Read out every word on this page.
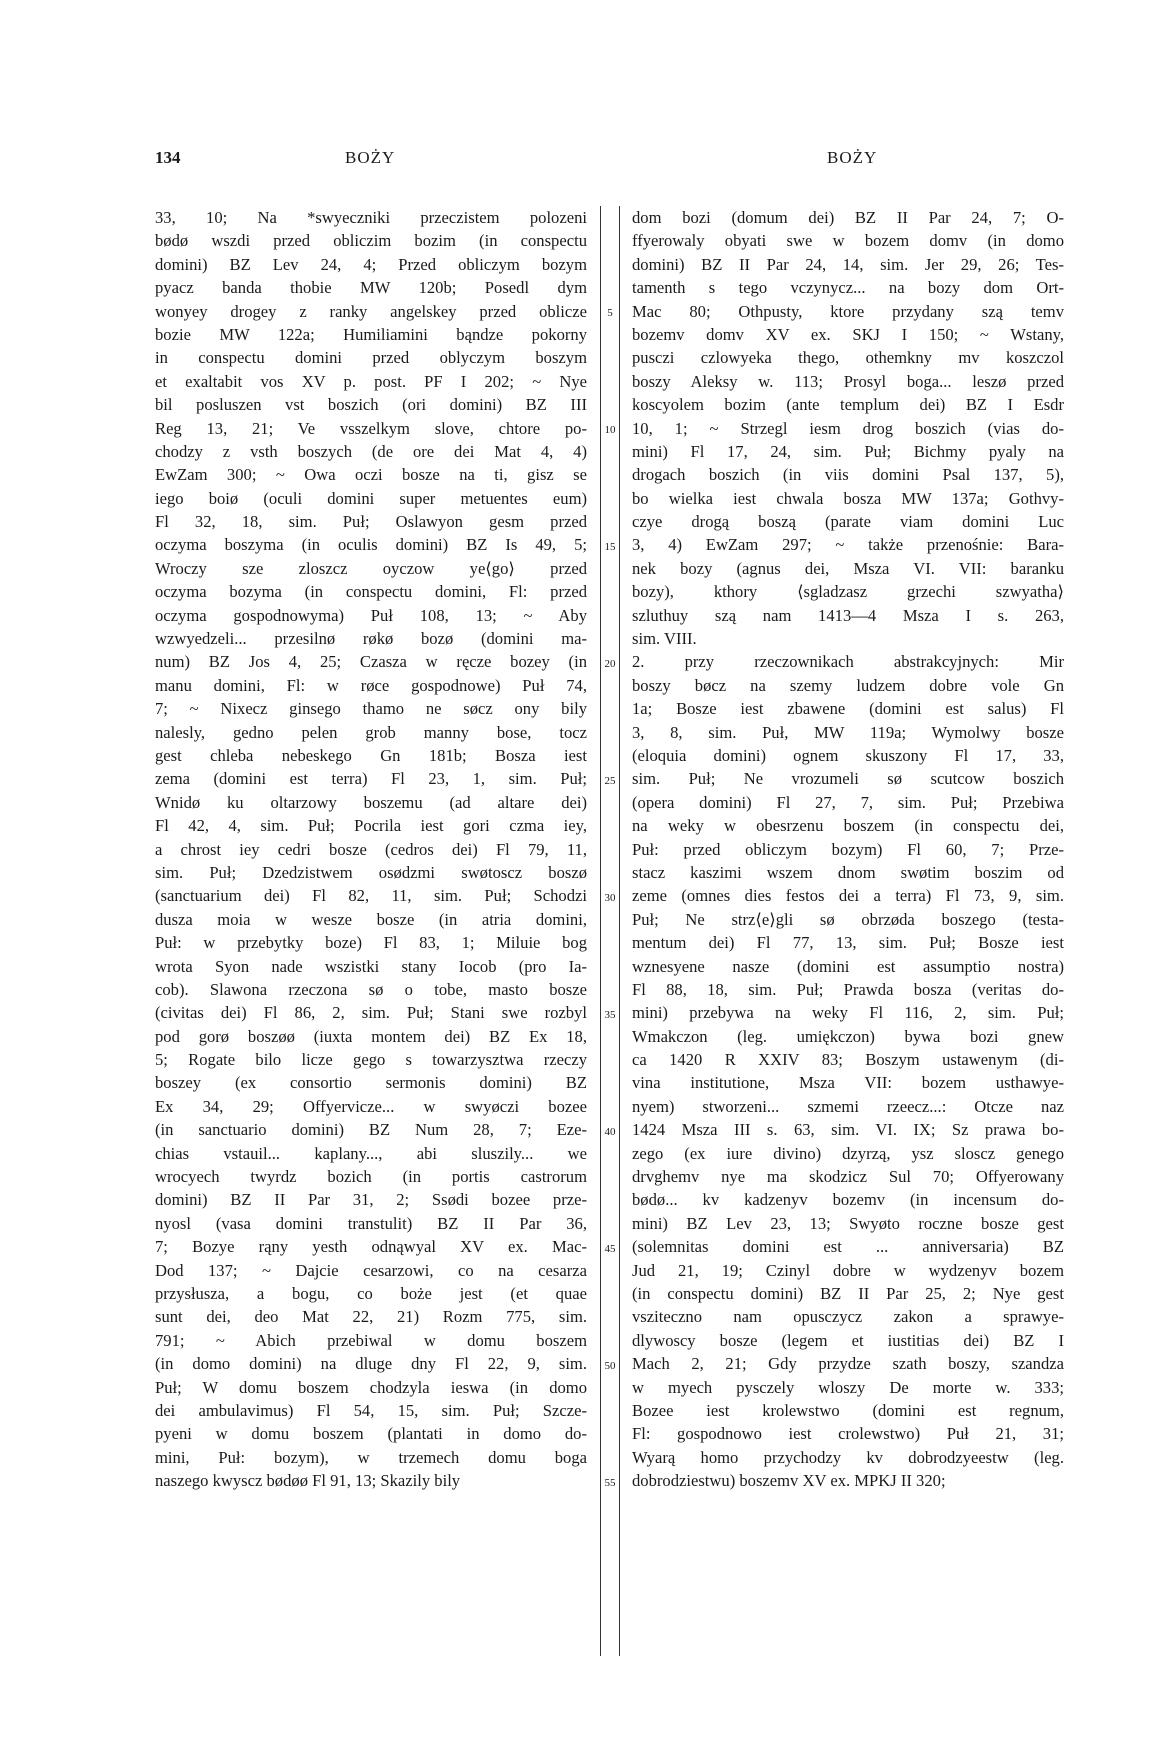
134	BOŻY	BOŻY
33, 10; Na *swyeczniki przeczistem polozeni
bødø wszdi przed obliczim bozim (in conspectu
domini) BZ Lev 24, 4; Przed obliczym bozym
pyacz banda thobie MW 120b; Posedl dym
wonyey drogey z ranky angelskey przed oblicze
bozie MW 122a; Humiliamini bąndze pokorny
in conspectu domini przed oblyczym boszym
et exaltabit vos XV p. post. PF I 202; ~ Nye
bil posluszen vst boszich (ori domini) BZ III
Reg 13, 21; Ve vsszelkym slove, chtore po-
chodzy z vsth boszych (de ore dei Mat 4, 4)
EwZam 300; ~ Owa oczi bosze na ti, gisz se
iego boiø (oculi domini super metuentes eum)
Fl 32, 18, sim. Puł; Oslawyon gesm przed
oczyma boszyma (in oculis domini) BZ Is 49, 5;
Wroczy sze zloszcz oyczow ye⟨go⟩ przed
oczyma bozyma (in conspectu domini, Fl: przed
oczyma gospodnowyma) Puł 108, 13; ~ Aby
wzwyedzeli... przesilnø røkø bozø (domini ma-
num) BZ Jos 4, 25; Czasza w ręcze bozey (in
manu domini, Fl: w røce gospodnowe) Puł 74,
7; ~ Nixecz ginsego thamo ne søcz ony bily
nalesly, gedno pelen grob manny bose, tocz
gest chleba nebeskego Gn 181b; Bosza iest
zema (domini est terra) Fl 23, 1, sim. Puł;
Wnidø ku oltarzowy boszemu (ad altare dei)
Fl 42, 4, sim. Puł; Pocrila iest gori czma iey,
a chrost iey cedri bosze (cedros dei) Fl 79, 11,
sim. Puł; Dzedzistwem osødzmi swøtoscz boszø
(sanctuarium dei) Fl 82, 11, sim. Puł; Schodzi
dusza moia w wesze bosze (in atria domini,
Puł: w przebytky boze) Fl 83, 1; Miluie bog
wrota Syon nade wszistki stany Iocob (pro Ia-
cob). Slawona rzeczona sø o tobe, masto bosze
(civitas dei) Fl 86, 2, sim. Puł; Stani swe rozbyl
pod gorø boszøø (iuxta montem dei) BZ Ex 18,
5; Rogate bilo licze gego s towarzysztwa rzeczy
boszey (ex consortio sermonis domini) BZ
Ex 34, 29; Offyervicze... w swyøczi bozee
(in sanctuario domini) BZ Num 28, 7; Eze-
chias vstauil... kaplany..., abi sluszily... we
wrocyech twyrdz bozich (in portis castrorum
domini) BZ II Par 31, 2; Ssødi bozee prze-
nyosl (vasa domini transtulit) BZ II Par 36,
7; Bozye rąny yesth odnąwyal XV ex. Mac-
Dod 137; ~ Dajcie cesarzowi, co na cesarza
przysłusza, a bogu, co boże jest (et quae
sunt dei, deo Mat 22, 21) Rozm 775, sim.
791; ~ Abich przebiwal w domu boszem
(in domo domini) na dluge dny Fl 22, 9, sim.
Puł; W domu boszem chodzyla ieswa (in domo
dei ambulavimus) Fl 54, 15, sim. Puł; Szcze-
pyeni w domu boszem (plantati in domo do-
mini, Puł: bozym), w trzemech domu boga
naszego kwyscz bødøø Fl 91, 13; Skazily bily
5
10
15
20
25
30
35
40
45
50
55
dom bozi (domum dei) BZ II Par 24, 7; O-
ffyerowaly obyati swe w bozem domv (in domo
domini) BZ II Par 24, 14, sim. Jer 29, 26; Tes-
tamenth s tego vczynycz... na bozy dom Ort-
Mac 80; Othpusty, ktore przydany szą temv
bozemv domv XV ex. SKJ I 150; ~ Wstany,
pusczi czlowyeka thego, othemkny mv koszczol
boszy Aleksy w. 113; Prosyl boga... leszø przed
koscyolem bozim (ante templum dei) BZ I Esdr
10, 1; ~ Strzegl iesm drog boszich (vias do-
mini) Fl 17, 24, sim. Puł; Bichmy pyaly na
drogach boszich (in viis domini Psal 137, 5),
bo wielka iest chwala bosza MW 137a; Gothvy-
czye drogą boszą (parate viam domini Luc
3, 4) EwZam 297; ~ także przenośnie: Bara-
nek bozy (agnus dei, Msza VI. VII: baranku
bozy), kthory ⟨sgladzasz grzechi szwyatha⟩
szluthuy szą nam 1413—4 Msza I s. 263,
sim. VIII.
2. przy rzeczownikach abstrakcyjnych: Mir
boszy bøcz na szemy ludzem dobre vole Gn
1a; Bosze iest zbawene (domini est salus) Fl
3, 8, sim. Puł, MW 119a; Wymolwy bosze
(eloquia domini) ognem skuszony Fl 17, 33,
sim. Puł; Ne vrozumeli sø scutcow boszich
(opera domini) Fl 27, 7, sim. Puł; Przebiwa
na weky w obesrzenu boszem (in conspectu dei,
Puł: przed obliczym bozym) Fl 60, 7; Prze-
stacz kaszimi wszem dnom swøtim boszim od
zeme (omnes dies festos dei a terra) Fl 73, 9, sim.
Puł; Ne strz⟨e⟩gli sø obrzøda boszego (testa-
mentum dei) Fl 77, 13, sim. Puł; Bosze iest
wznesyene nasze (domini est assumptio nostra)
Fl 88, 18, sim. Puł; Prawda bosza (veritas do-
mini) przebywa na weky Fl 116, 2, sim. Puł;
Wmakczon (leg. umiękczon) bywa bozi gnew
ca 1420 R XXIV 83; Boszym ustawenym (di-
vina institutione, Msza VII: bozem usthawye-
nyem) stworzeni... szmemi rzeecz...: Otcze naz
1424 Msza III s. 63, sim. VI. IX; Sz prawa bo-
zego (ex iure divino) dzyrzą, ysz sloscz genego
drvghemv nye ma skodzicz Sul 70; Offyerowany
bødø... kv kadzenyv bozemv (in incensum do-
mini) BZ Lev 23, 13; Swyøto roczne bosze gest
(solemnitas domini est ... anniversaria) BZ
Jud 21, 19; Czinyl dobre w wydzenyv bozem
(in conspectu domini) BZ II Par 25, 2; Nye gest
vsziteczno nam opusczycz zakon a sprawye-
dlywoscy bosze (legem et iustitias dei) BZ I
Mach 2, 21; Gdy przydze szath boszy, szandza
w myech pysczely wloszy De morte w. 333;
Bozee iest krolewstwo (domini est regnum,
Fl: gospodnowo iest crolewstwo) Puł 21, 31;
Wyarą homo przychodzy kv dobrodzyeestw (leg.
dobrodziestwu) boszemv XV ex. MPKJ II 320;
